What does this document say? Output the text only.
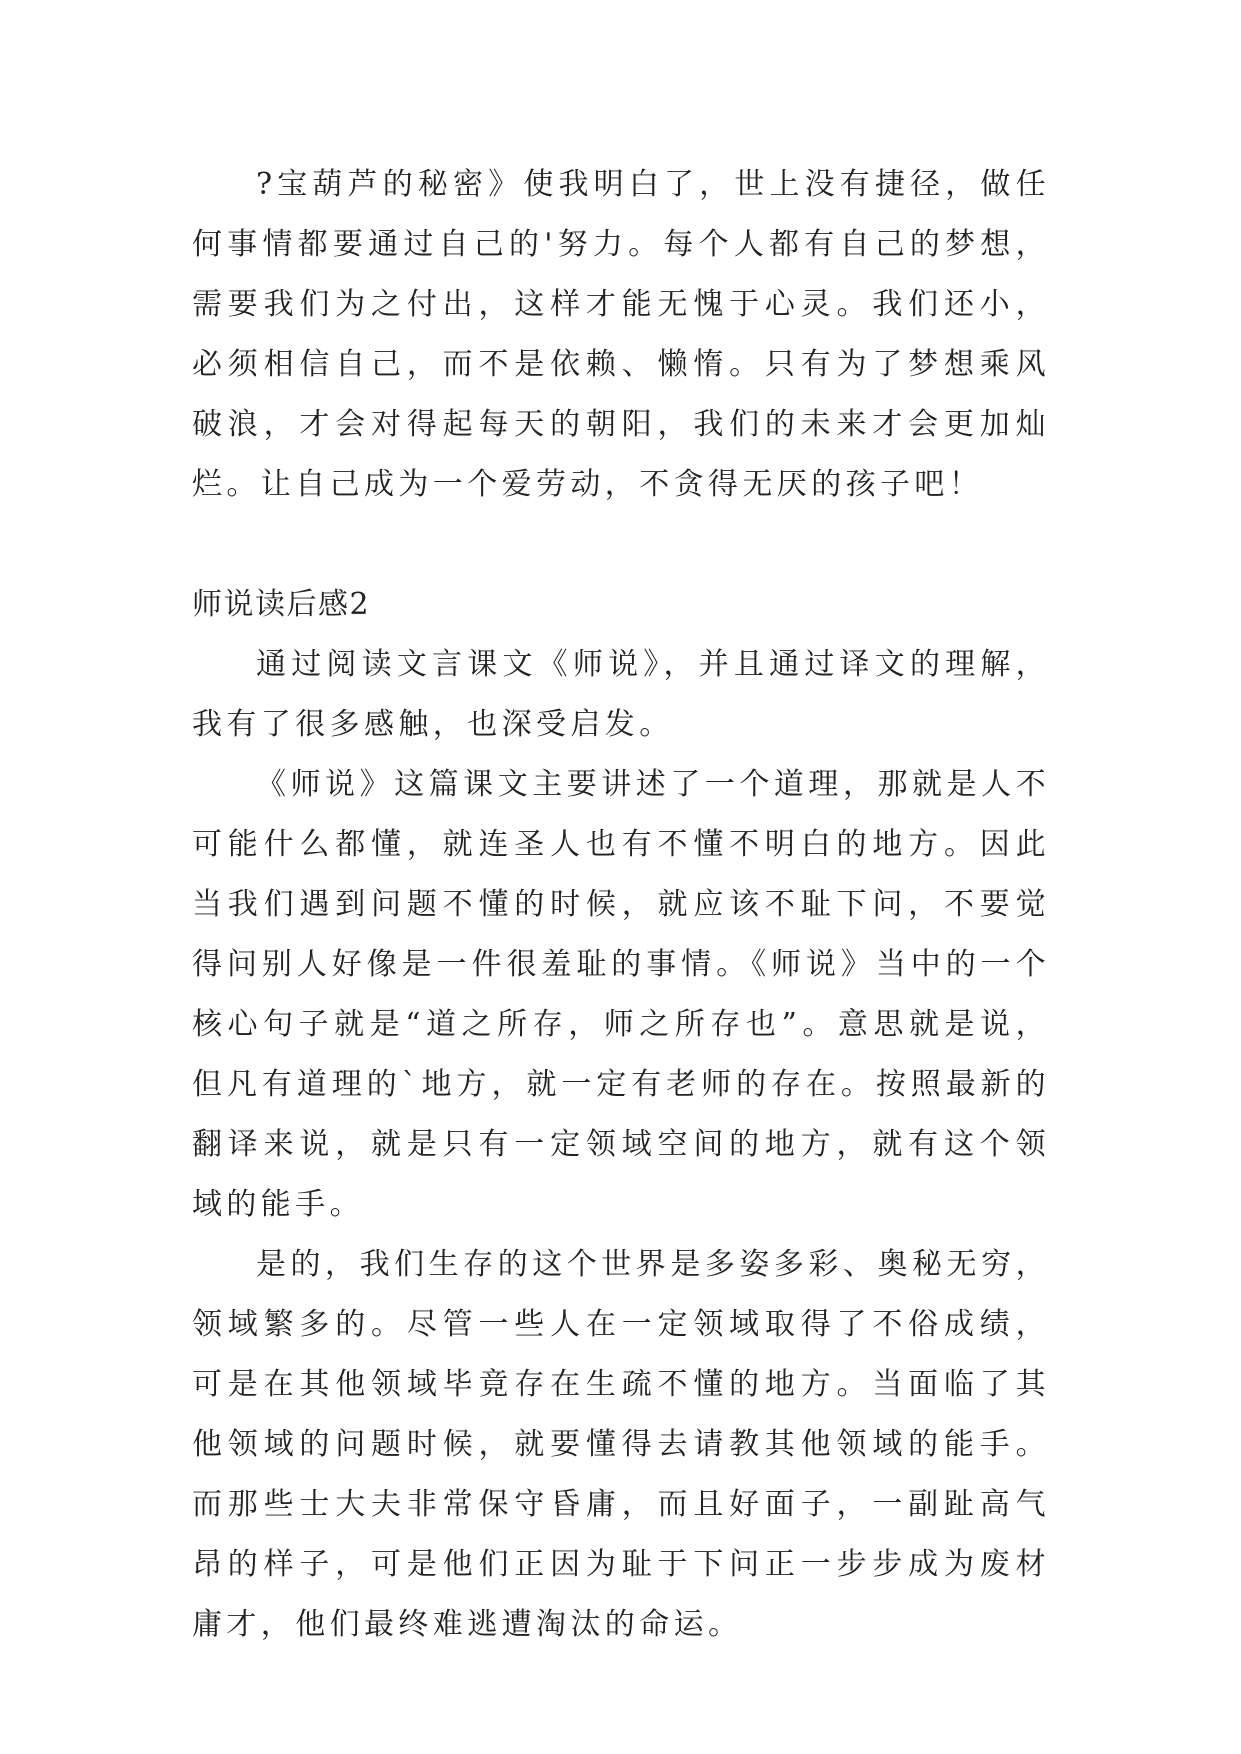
?宝葫芦的秘密》使我明白了，世上没有捷径，做任何事情都要通过自己的'努力。每个人都有自己的梦想，需要我们为之付出，这样才能无愧于心灵。我们还小，必须相信自己，而不是依赖、懒惰。只有为了梦想乘风破浪，才会对得起每天的朝阳，我们的未来才会更加灿烂。让自己成为一个爱劳动，不贪得无厌的孩子吧！

师说读后感2

通过阅读文言课文《师说》，并且通过译文的理解，我有了很多感触，也深受启发。

《师说》这篇课文主要讲述了一个道理，那就是人不可能什么都懂，就连圣人也有不懂不明白的地方。因此当我们遇到问题不懂的时候，就应该不耻下问，不要觉得问别人好像是一件很羞耻的事情。《师说》当中的一个核心句子就是“道之所存，师之所存也”。意思就是说，但凡有道理的`地方，就一定有老师的存在。按照最新的翻译来说，就是只有一定领域空间的地方，就有这个领域的能手。

是的，我们生存的这个世界是多姿多彩、奥秘无穷，领域繁多的。尽管一些人在一定领域取得了不俗成绩，可是在其他领域毕竟存在生疏不懂的地方。当面临了其他领域的问题时候，就要懂得去请教其他领域的能手。而那些士大夫非常保守昏庸，而且好面子，一副趾高气昂的样子，可是他们正因为耻于下问正一步步成为废材庸才，他们最终难逃遭淘汰的命运。
